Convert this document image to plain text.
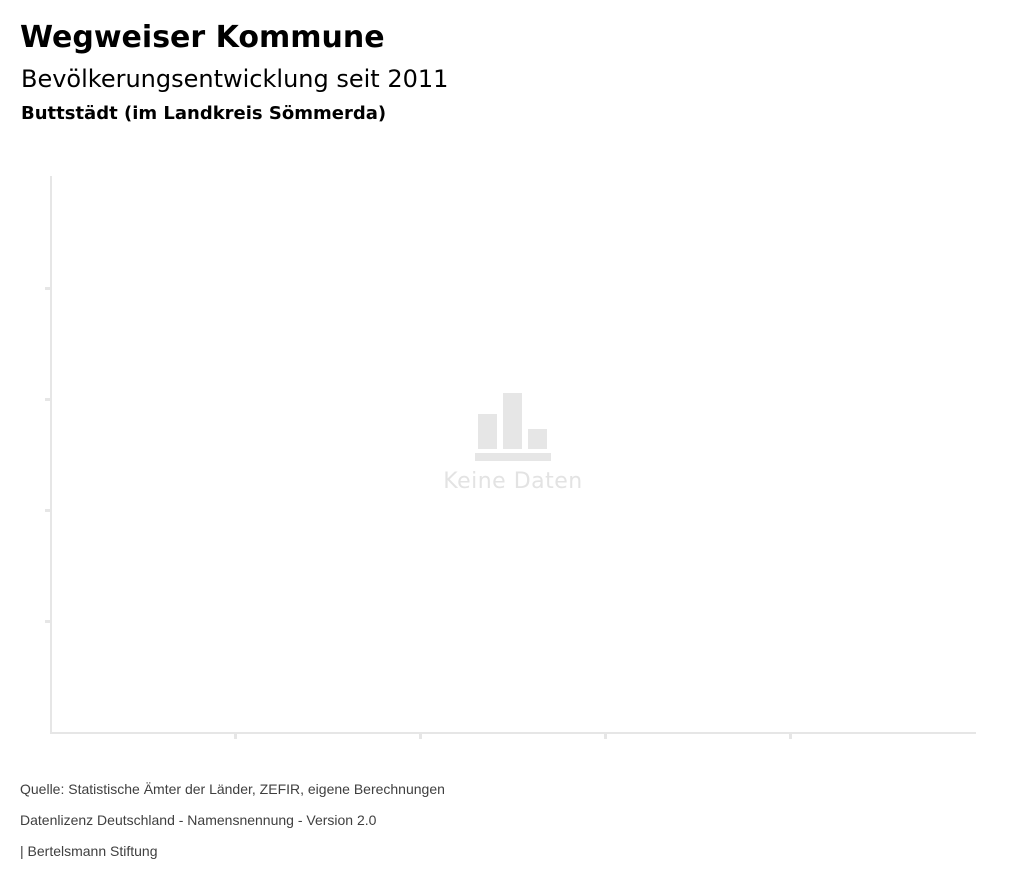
Wegweiser Kommune
Bevölkerungsentwicklung seit 2011
Buttstädt (im Landkreis Sömmerda)
Keine Daten
Quelle: Statistische Ämter der Länder, ZEFIR, eigene Berechnungen
Datenlizenz Deutschland - Namensnennung - Version 2.0
| Bertelsmann Stiftung
